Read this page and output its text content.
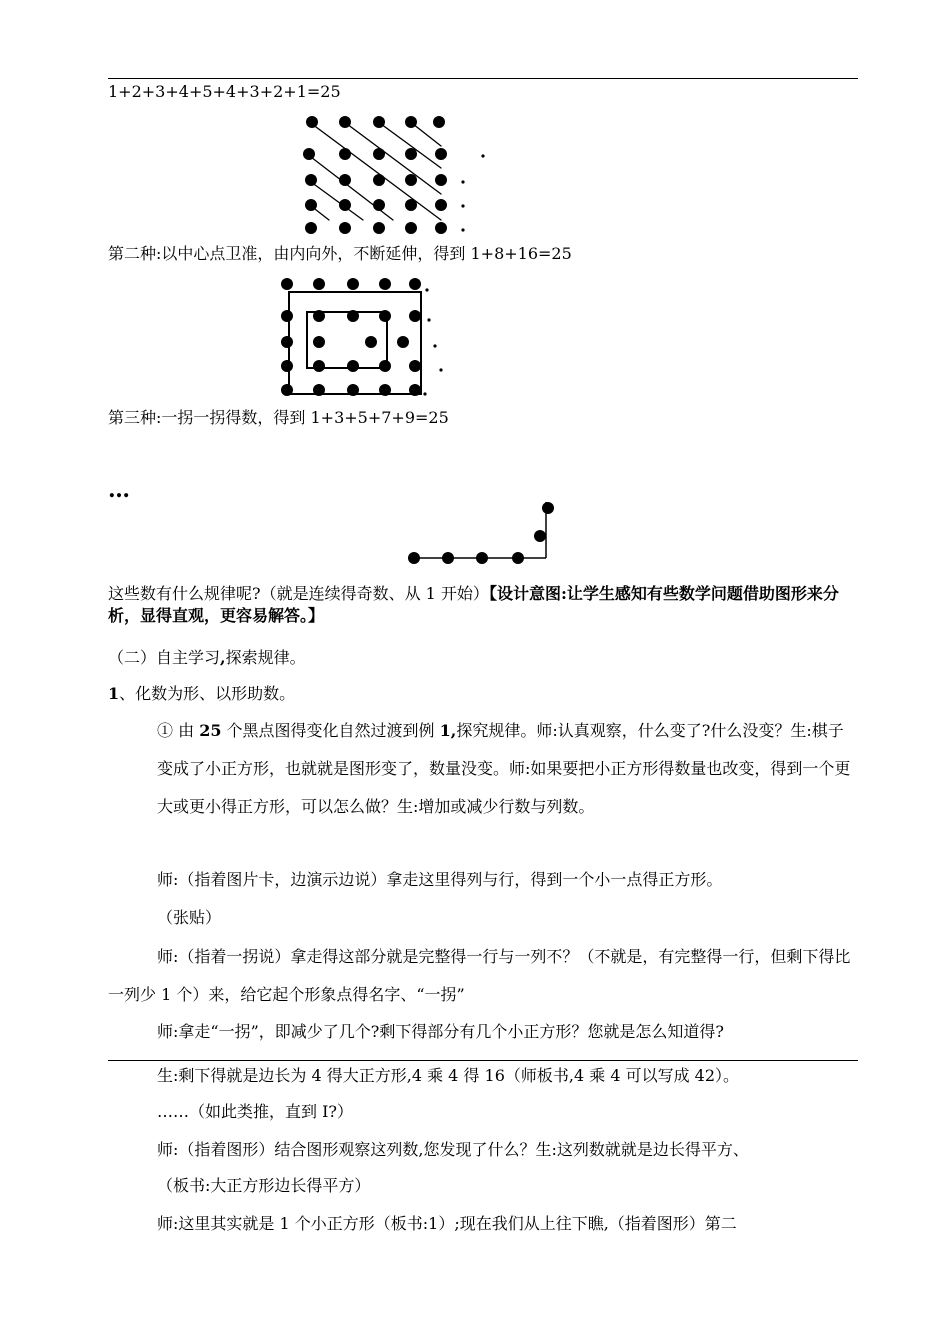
1+2+3+4+5+4+3+2+1=25
第二种:以中心点卫准，由内向外，不断延伸，得到 1+8+16=25
第三种:一拐一拐得数，得到 1+3+5+7+9=25
…
这些数有什么规律呢?（就是连续得奇数、从 1 开始）【设计意图:让学生感知有些数学问题借助图形来分析，显得直观，更容易解答。】
（二）自主学习,探索规律。
1、化数为形、以形助数。
① 由 25 个黑点图得变化自然过渡到例 1,探究规律。师:认真观察，什么变了?什么没变？生:棋子变成了小正方形，也就就是图形变了，数量没变。师:如果要把小正方形得数量也改变，得到一个更大或更小得正方形，可以怎么做？生:增加或减少行数与列数。
师:（指着图片卡，边演示边说）拿走这里得列与行，得到一个小一点得正方形。
（张贴）
师:（指着一拐说）拿走得这部分就是完整得一行与一列不？（不就是，有完整得一行，但剩下得比一列少 1 个）来，给它起个形象点得名字、“一拐”
师:拿走“一拐”，即减少了几个?剩下得部分有几个小正方形？您就是怎么知道得?
生:剩下得就是边长为 4 得大正方形,4 乘 4 得 16（师板书,4 乘 4 可以写成 42）。
……（如此类推，直到 I?）
师:（指着图形）结合图形观察这列数,您发现了什么？生:这列数就就是边长得平方、
（板书:大正方形边长得平方）
师:这里其实就是 1 个小正方形（板书:1）;现在我们从上往下瞧,（指着图形）第二
